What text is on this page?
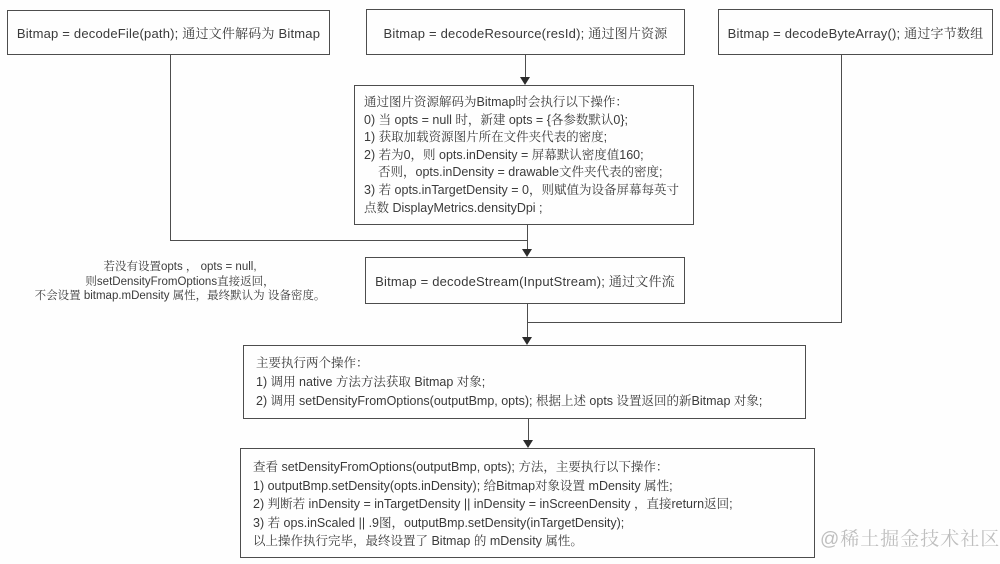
Bitmap = decodeFile(path); 通过文件解码为 Bitmap	Bitmap = decodeResource(resId); 通过图片资源	Bitmap = decodeByteArray(); 通过字节数组
通过图片资源解码为Bitmap时会执行以下操作：
0) 当 opts = null 时，新建 opts = {各参数默认0};
1) 获取加载资源图片所在文件夹代表的密度;
2) 若为0，则 opts.inDensity = 屏幕默认密度值160;
否则，opts.inDensity = drawable文件夹代表的密度;
3) 若 opts.inTargetDensity = 0，则赋值为设备屏幕每英寸
点数 DisplayMetrics.densityDpi ;
若没有设置opts ， opts = null,
则setDensityFromOptions直接返回，
不会设置 bitmap.mDensity 属性，最终默认为 设备密度。
Bitmap = decodeStream(InputStream); 通过文件流
主要执行两个操作：
1) 调用 native 方法方法获取 Bitmap 对象;
2) 调用 setDensityFromOptions(outputBmp, opts); 根据上述 opts 设置返回的新Bitmap 对象;
查看 setDensityFromOptions(outputBmp, opts); 方法，主要执行以下操作：
1) outputBmp.setDensity(opts.inDensity); 给Bitmap对象设置 mDensity 属性;
2) 判断若 inDensity = inTargetDensity || inDensity = inScreenDensity ，直接return返回;
3) 若 ops.inScaled || .9图，outputBmp.setDensity(inTargetDensity);
以上操作执行完毕，最终设置了 Bitmap 的 mDensity 属性。	@稀土掘金技术社区
